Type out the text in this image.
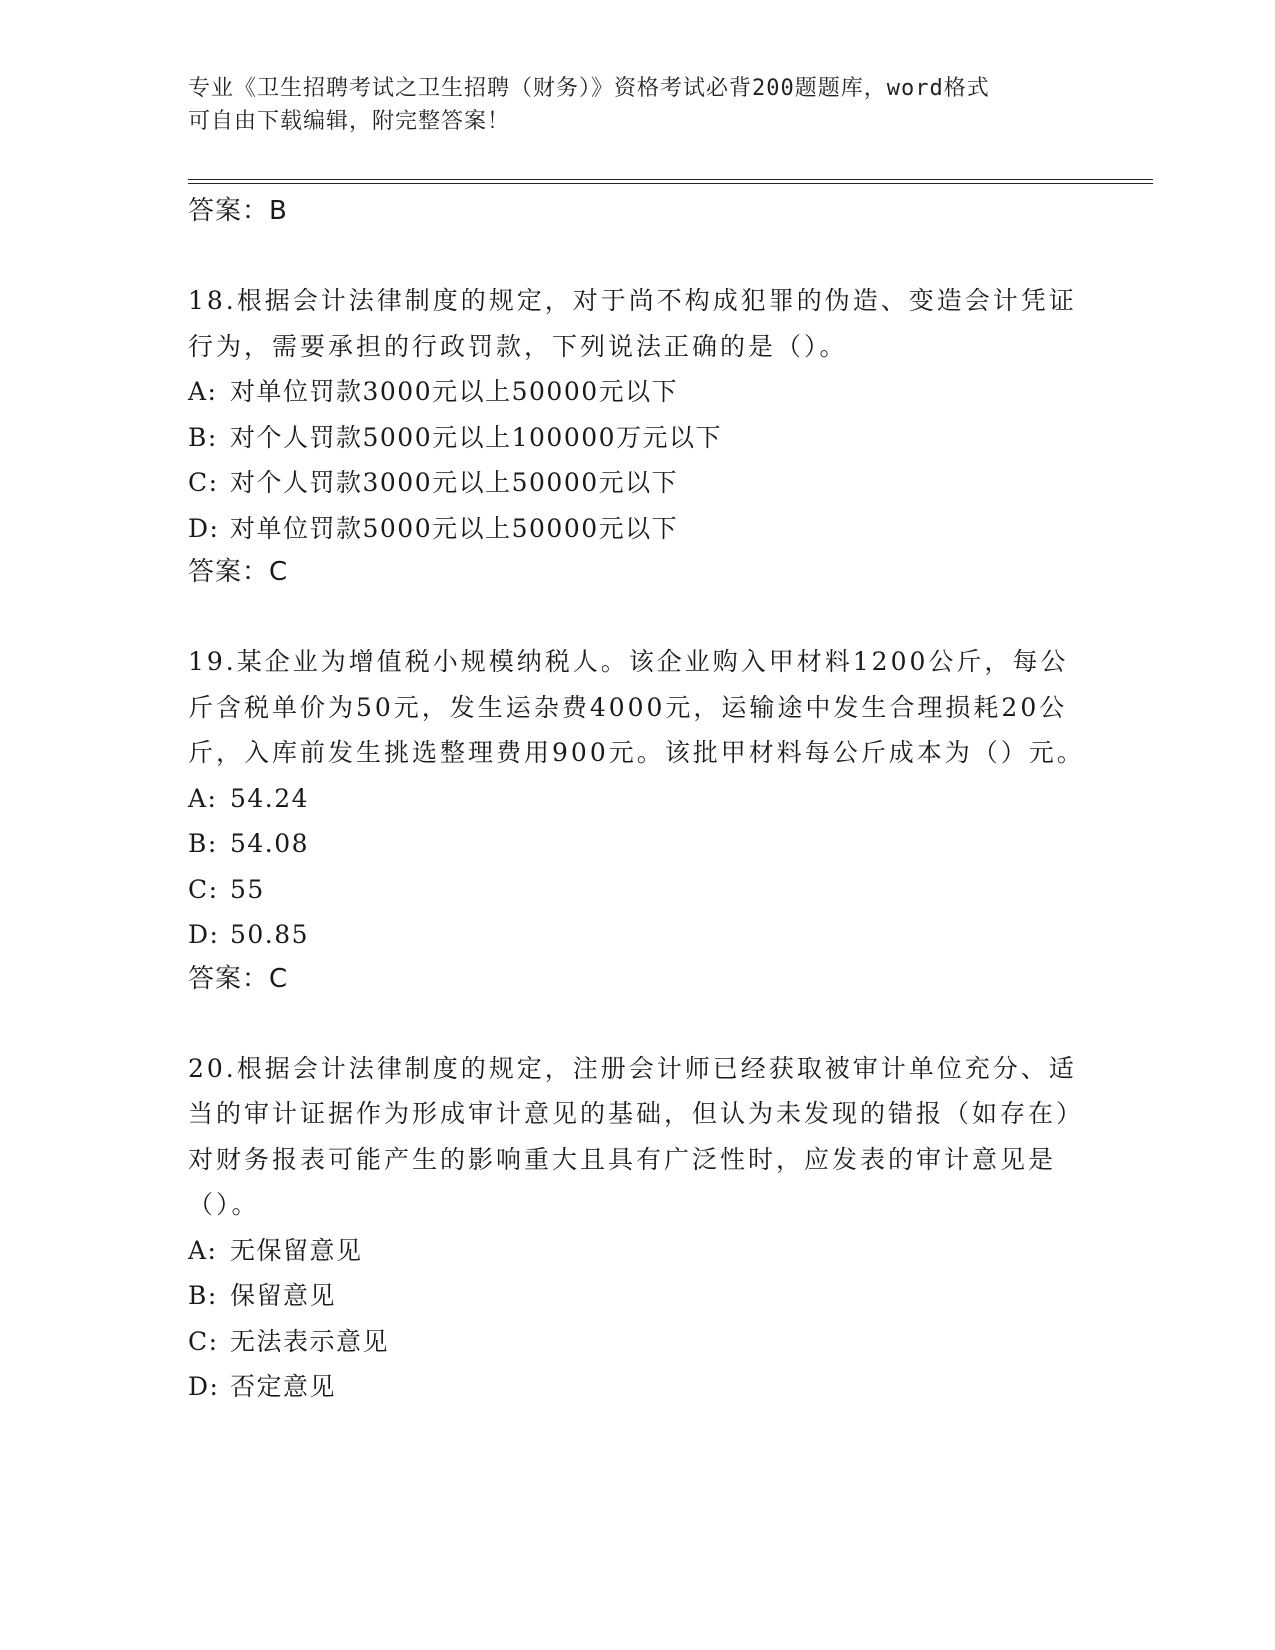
专业《卫生招聘考试之卫生招聘（财务）》资格考试必背200题题库，word格式
可自由下载编辑，附完整答案！
答案：B
18.根据会计法律制度的规定，对于尚不构成犯罪的伪造、变造会计凭证行为，需要承担的行政罚款，下列说法正确的是（）。
A: 对单位罚款3000元以上50000元以下
B: 对个人罚款5000元以上100000万元以下
C: 对个人罚款3000元以上50000元以下
D: 对单位罚款5000元以上50000元以下
答案：C
19.某企业为增值税小规模纳税人。该企业购入甲材料1200公斤，每公斤含税单价为50元，发生运杂费4000元，运输途中发生合理损耗20公斤，入库前发生挑选整理费用900元。该批甲材料每公斤成本为（）元。
A: 54.24
B: 54.08
C: 55
D: 50.85
答案：C
20.根据会计法律制度的规定，注册会计师已经获取被审计单位充分、适当的审计证据作为形成审计意见的基础，但认为未发现的错报（如存在）对财务报表可能产生的影响重大且具有广泛性时，应发表的审计意见是（）。
A: 无保留意见
B: 保留意见
C: 无法表示意见
D: 否定意见
